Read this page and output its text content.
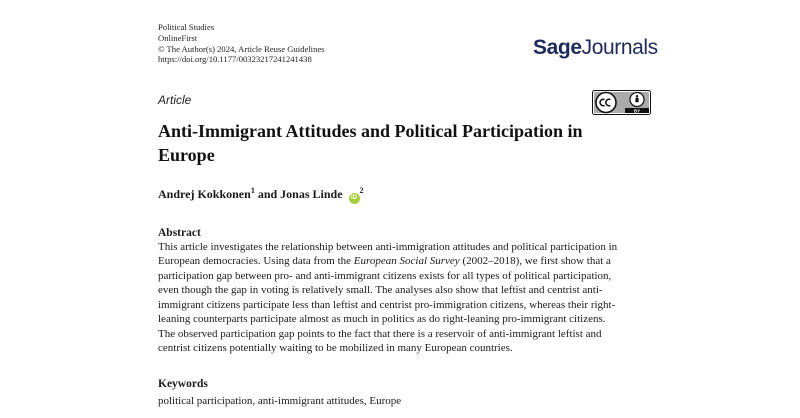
Political Studies
OnlineFirst
© The Author(s) 2024, Article Reuse Guidelines
https://doi.org/10.1177/00323217241241438
SageJournals
Article
BY
Anti-Immigrant Attitudes and Political Participation in Europe
Andrej Kokkonen$^1$ and Jonas Linde $iD^2$
Abstract
This article investigates the relationship between anti-immigration attitudes and political participation in
European democracies. Using data from the European Social Survey (2002–2018), we first show that a
participation gap between pro- and anti-immigrant citizens exists for all types of political participation,
even though the gap in voting is relatively small. The analyses also show that leftist and centrist anti-
immigrant citizens participate less than leftist and centrist pro-immigration citizens, whereas their right-
leaning counterparts participate almost as much in politics as do right-leaning pro-immigrant citizens.
The observed participation gap points to the fact that there is a reservoir of anti-immigrant leftist and
centrist citizens potentially waiting to be mobilized in many European countries.
Keywords
political participation, anti-immigrant attitudes, Europe
